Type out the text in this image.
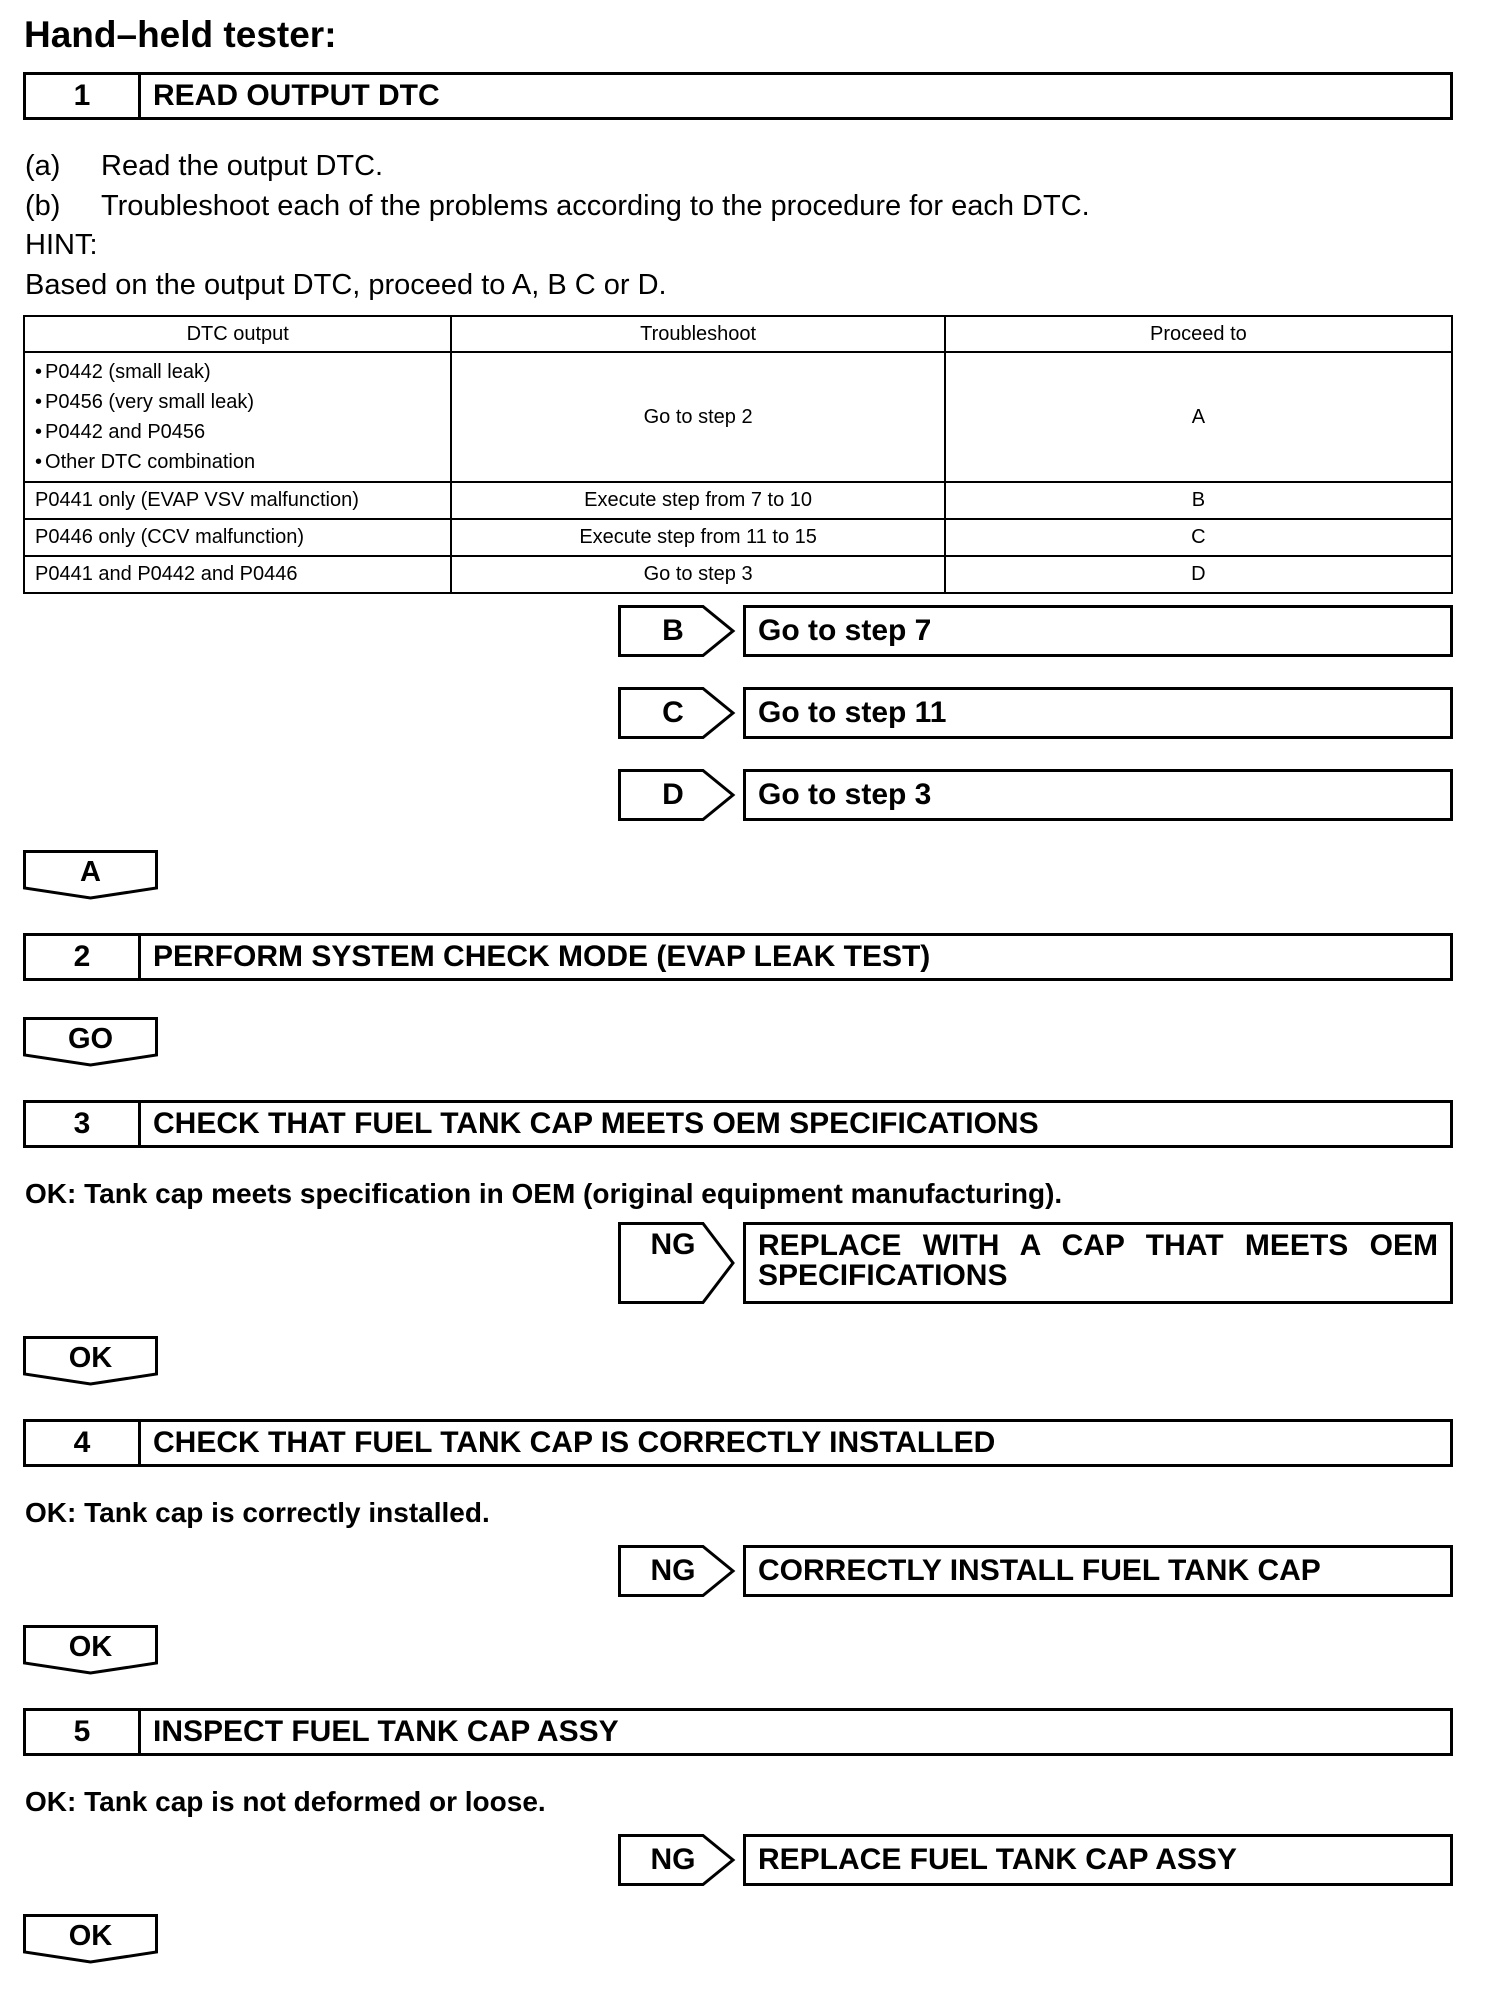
Hand–held tester:
1	READ OUTPUT DTC
(a) Read the output DTC.
(b) Troubleshoot each of the problems according to the procedure for each DTC.
HINT:
Based on the output DTC, proceed to A, B C or D.
DTC output	Troubleshoot	Proceed to

• P0442 (small leak)
• P0456 (very small leak)
• P0442 and P0456
• Other DTC combination	Go to step 2	A
P0441 only (EVAP VSV malfunction)	Execute step from 7 to 10	B
P0446 only (CCV malfunction)	Execute step from 11 to 15	C
P0441 and P0442 and P0446	Go to step 3	D
B	Go to step 7
C	Go to step 11
D	Go to step 3
A
2	PERFORM SYSTEM CHECK MODE (EVAP LEAK TEST)
GO
3	CHECK THAT FUEL TANK CAP MEETS OEM SPECIFICATIONS
OK: Tank cap meets specification in OEM (original equipment manufacturing).
NG	REPLACE WITH A CAP THAT MEETS OEM SPECIFICATIONS
OK
4	CHECK THAT FUEL TANK CAP IS CORRECTLY INSTALLED
OK: Tank cap is correctly installed.
NG	CORRECTLY INSTALL FUEL TANK CAP
OK
5	INSPECT FUEL TANK CAP ASSY
OK: Tank cap is not deformed or loose.
NG	REPLACE FUEL TANK CAP ASSY
OK
